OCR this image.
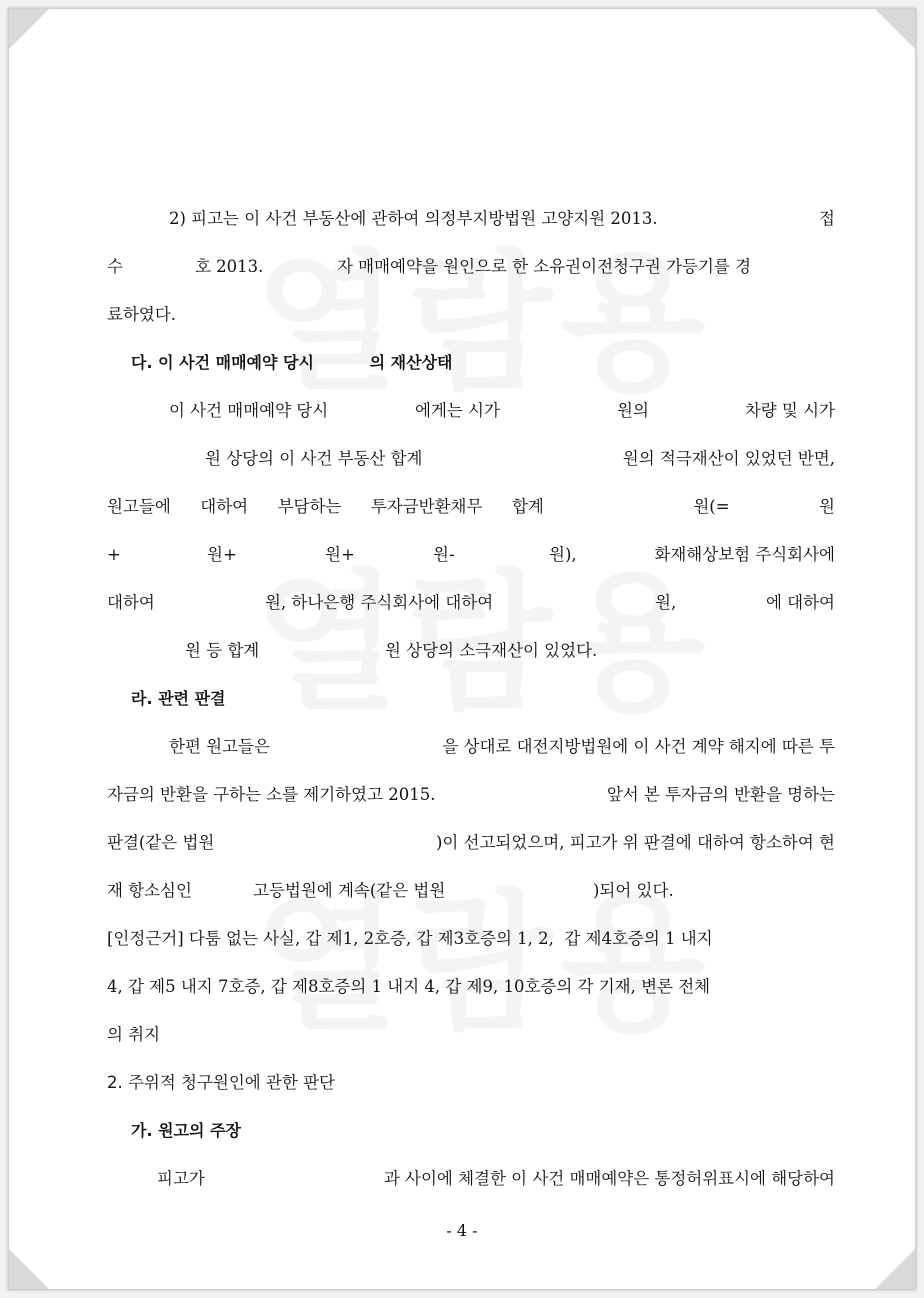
2) 피고는 이 사건 부동산에 관하여 의정부지방법원 고양지원 2013.	접
수	호 2013.	자 매매예약을 원인으로 한 소유권이전청구권 가등기를 경
료하였다.
다. 이 사건 매매예약 당시          의 재산상태
이 사건 매매예약 당시	에게는 시가	원의	차량 및 시가
원 상당의 이 사건 부동산 합계	원의 적극재산이 있었던 반면,
원고들에 대하여 부담하는 투자금반환채무 합계	원(=	원
+	원+	원+	원-	원),	화재해상보험 주식회사에
대하여	원, 하나은행 주식회사에 대하여	원,	에 대하여
원 등 합계	원 상당의 소극재산이 있었다.
라. 관련 판결
한편 원고들은	을 상대로 대전지방법원에 이 사건 계약 해지에 따른 투
자금의 반환을 구하는 소를 제기하였고 2015.	앞서 본 투자금의 반환을 명하는
판결(같은 법원	)이 선고되었으며, 피고가 위 판결에 대하여 항소하여 현
재 항소심인	고등법원에 계속(같은 법원	)되어 있다.
[인정근거] 다툼 없는 사실, 갑 제1, 2호증, 갑 제3호증의 1, 2,  갑 제4호증의 1 내지
4, 갑 제5 내지 7호증, 갑 제8호증의 1 내지 4, 갑 제9, 10호증의 각 기재, 변론 전체
의 취지
2. 주위적 청구원인에 관한 판단
가. 원고의 주장
피고가	과 사이에 체결한 이 사건 매매예약은 통정허위표시에 해당하여
- 4 -
